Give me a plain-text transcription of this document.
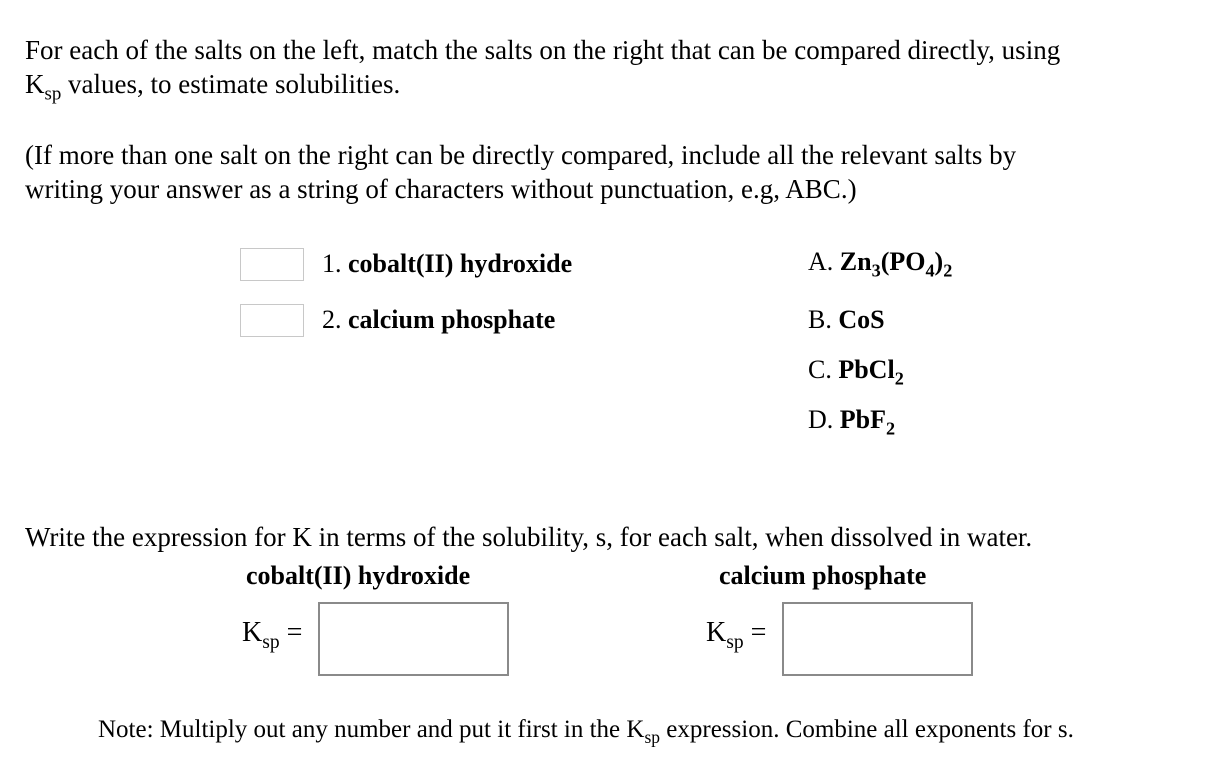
For each of the salts on the left, match the salts on the right that can be compared directly, using
$K_{sp}$ values, to estimate solubilities.
(If more than one salt on the right can be directly compared, include all the relevant salts by
writing your answer as a string of characters without punctuation, e.g, ABC.)
1. cobalt(II) hydroxide
2. calcium phosphate
A. $Zn_3(PO_4)_2$
B. CoS
C. PbCl$_2$
D. PbF$_2$
Write the expression for K in terms of the solubility, s, for each salt, when dissolved in water.
cobalt(II) hydroxide	calcium phosphate
$K_{sp}$ =	$K_{sp}$ =
Note: Multiply out any number and put it first in the $K_{sp}$ expression. Combine all exponents for s.
